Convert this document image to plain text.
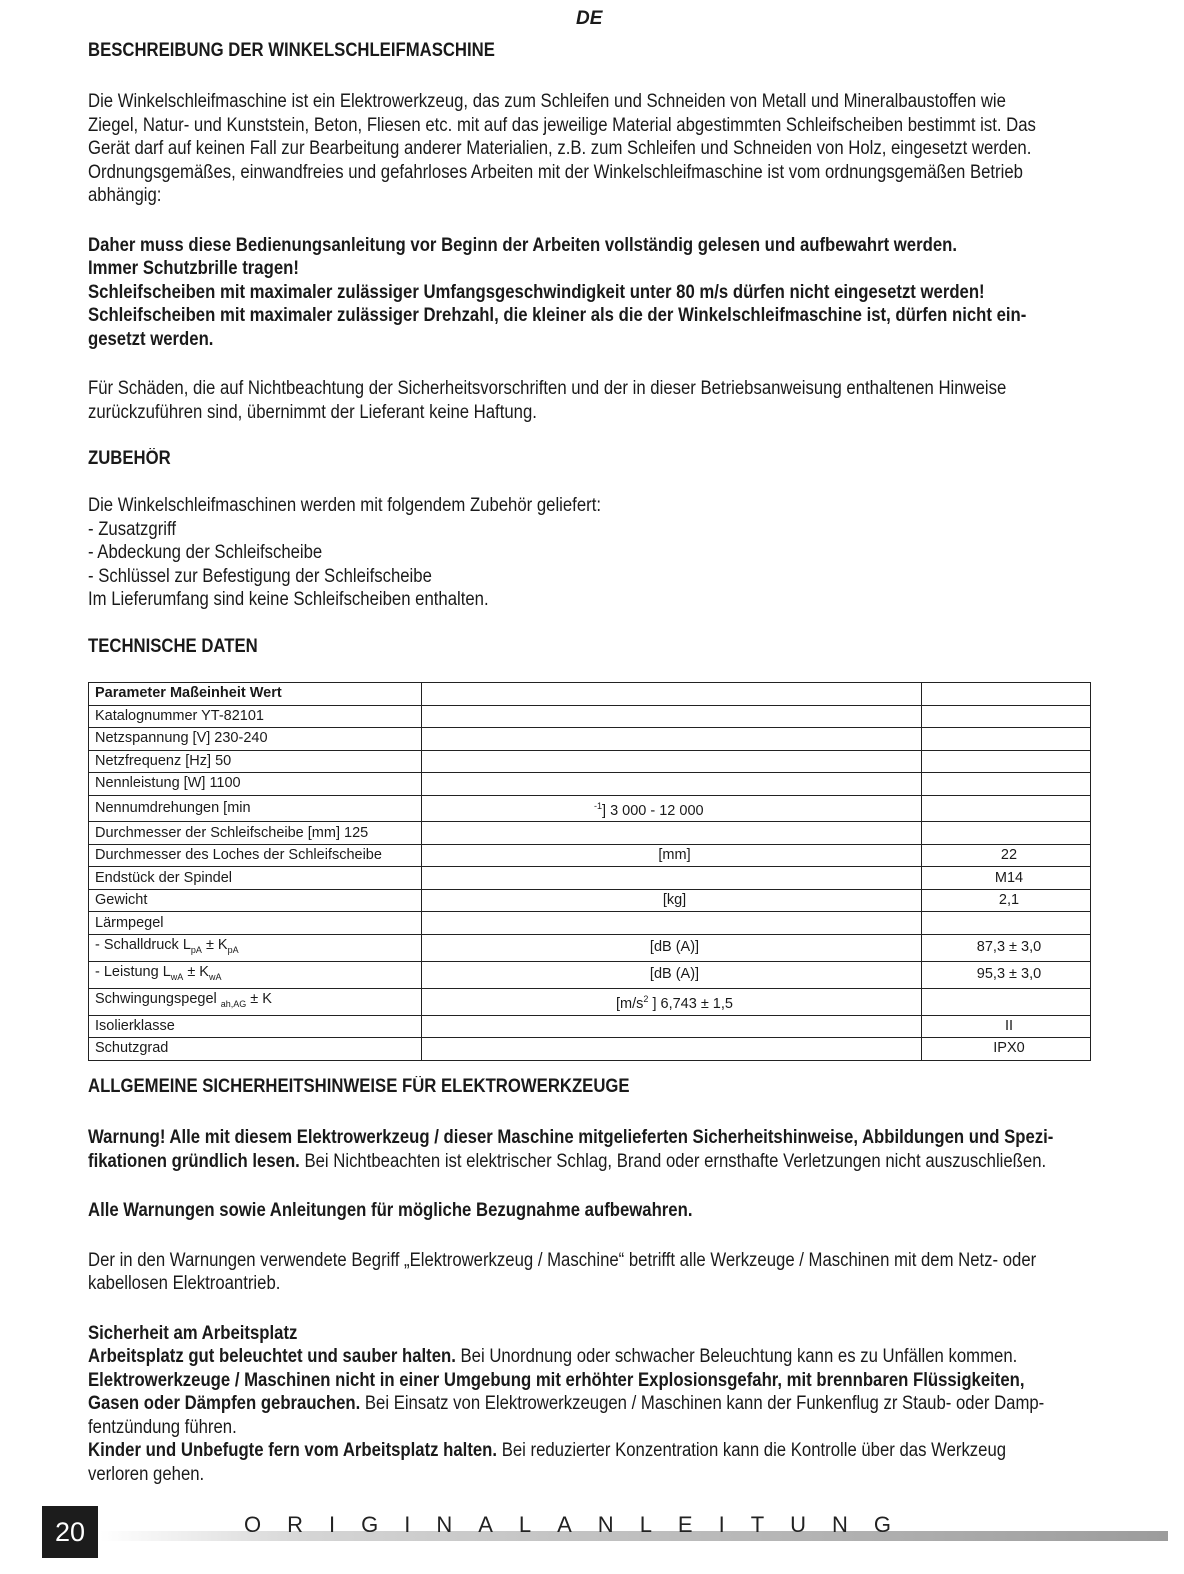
DE
BESCHREIBUNG DER WINKELSCHLEIFMASCHINE

Die Winkelschleifmaschine ist ein Elektrowerkzeug, das zum Schleifen und Schneiden von Metall und Mineralbaustoffen wie
Ziegel, Natur- und Kunststein, Beton, Fliesen etc. mit auf das jeweilige Material abgestimmten Schleifscheiben bestimmt ist. Das
Gerät darf auf keinen Fall zur Bearbeitung anderer Materialien, z.B. zum Schleifen und Schneiden von Holz, eingesetzt werden.
Ordnungsgemäßes, einwandfreies und gefahrloses Arbeiten mit der Winkelschleifmaschine ist vom ordnungsgemäßen Betrieb
abhängig:

Daher muss diese Bedienungsanleitung vor Beginn der Arbeiten vollständig gelesen und aufbewahrt werden.
Immer Schutzbrille tragen!
Schleifscheiben mit maximaler zulässiger Umfangsgeschwindigkeit unter 80 m/s dürfen nicht eingesetzt werden!
Schleifscheiben mit maximaler zulässiger Drehzahl, die kleiner als die der Winkelschleifmaschine ist, dürfen nicht ein-
gesetzt werden.

Für Schäden, die auf Nichtbeachtung der Sicherheitsvorschriften und der in dieser Betriebsanweisung enthaltenen Hinweise
zurückzuführen sind, übernimmt der Lieferant keine Haftung.

ZUBEHÖR

Die Winkelschleifmaschinen werden mit folgendem Zubehör geliefert:
- Zusatzgriff
- Abdeckung der Schleifscheibe
- Schlüssel zur Befestigung der Schleifscheibe
Im Lieferumfang sind keine Schleifscheiben enthalten.

TECHNISCHE DATEN
Parameter Maßeinheit Wert		
Katalognummer YT-82101		
Netzspannung [V] 230-240		
Netzfrequenz [Hz] 50		
Nennleistung [W] 1100		
Nennumdrehungen [min	$^{-1}$] 3 000 - 12 000	
Durchmesser der Schleifscheibe [mm] 125		
Durchmesser des Loches der Schleifscheibe	[mm]	22
Endstück der Spindel		M14
Gewicht	[kg]	2,1
Lärmpegel		
- Schalldruck $L_{pA} \pm K_{pA}$	[dB (A)]	87,3 ± 3,0
- Leistung $L_{wA} \pm K_{wA}$	[dB (A)]	95,3 ± 3,0
Schwingungspegel $_{ah,AG}$ ± K	[$m/s^2$ ] 6,743 ± 1,5	
Isolierklasse		II
Schutzgrad		IPX0
ALLGEMEINE SICHERHEITSHINWEISE FÜR ELEKTROWERKZEUGE

Warnung! Alle mit diesem Elektrowerkzeug / dieser Maschine mitgelieferten Sicherheitshinweise, Abbildungen und Spezi-
fikationen gründlich lesen. Bei Nichtbeachten ist elektrischer Schlag, Brand oder ernsthafte Verletzungen nicht auszuschließen.

Alle Warnungen sowie Anleitungen für mögliche Bezugnahme aufbewahren.

Der in den Warnungen verwendete Begriff „Elektrowerkzeug / Maschine“ betrifft alle Werkzeuge / Maschinen mit dem Netz- oder
kabellosen Elektroantrieb.

Sicherheit am Arbeitsplatz

Arbeitsplatz gut beleuchtet und sauber halten. Bei Unordnung oder schwacher Beleuchtung kann es zu Unfällen kommen.
Elektrowerkzeuge / Maschinen nicht in einer Umgebung mit erhöhter Explosionsgefahr, mit brennbaren Flüssigkeiten,
Gasen oder Dämpfen gebrauchen. Bei Einsatz von Elektrowerkzeugen / Maschinen kann der Funkenflug zr Staub- oder Damp-
fentzündung führen.
Kinder und Unbefugte fern vom Arbeitsplatz halten. Bei reduzierter Konzentration kann die Kontrolle über das Werkzeug
verloren gehen.

20	ORIGINALANLEITUNG
